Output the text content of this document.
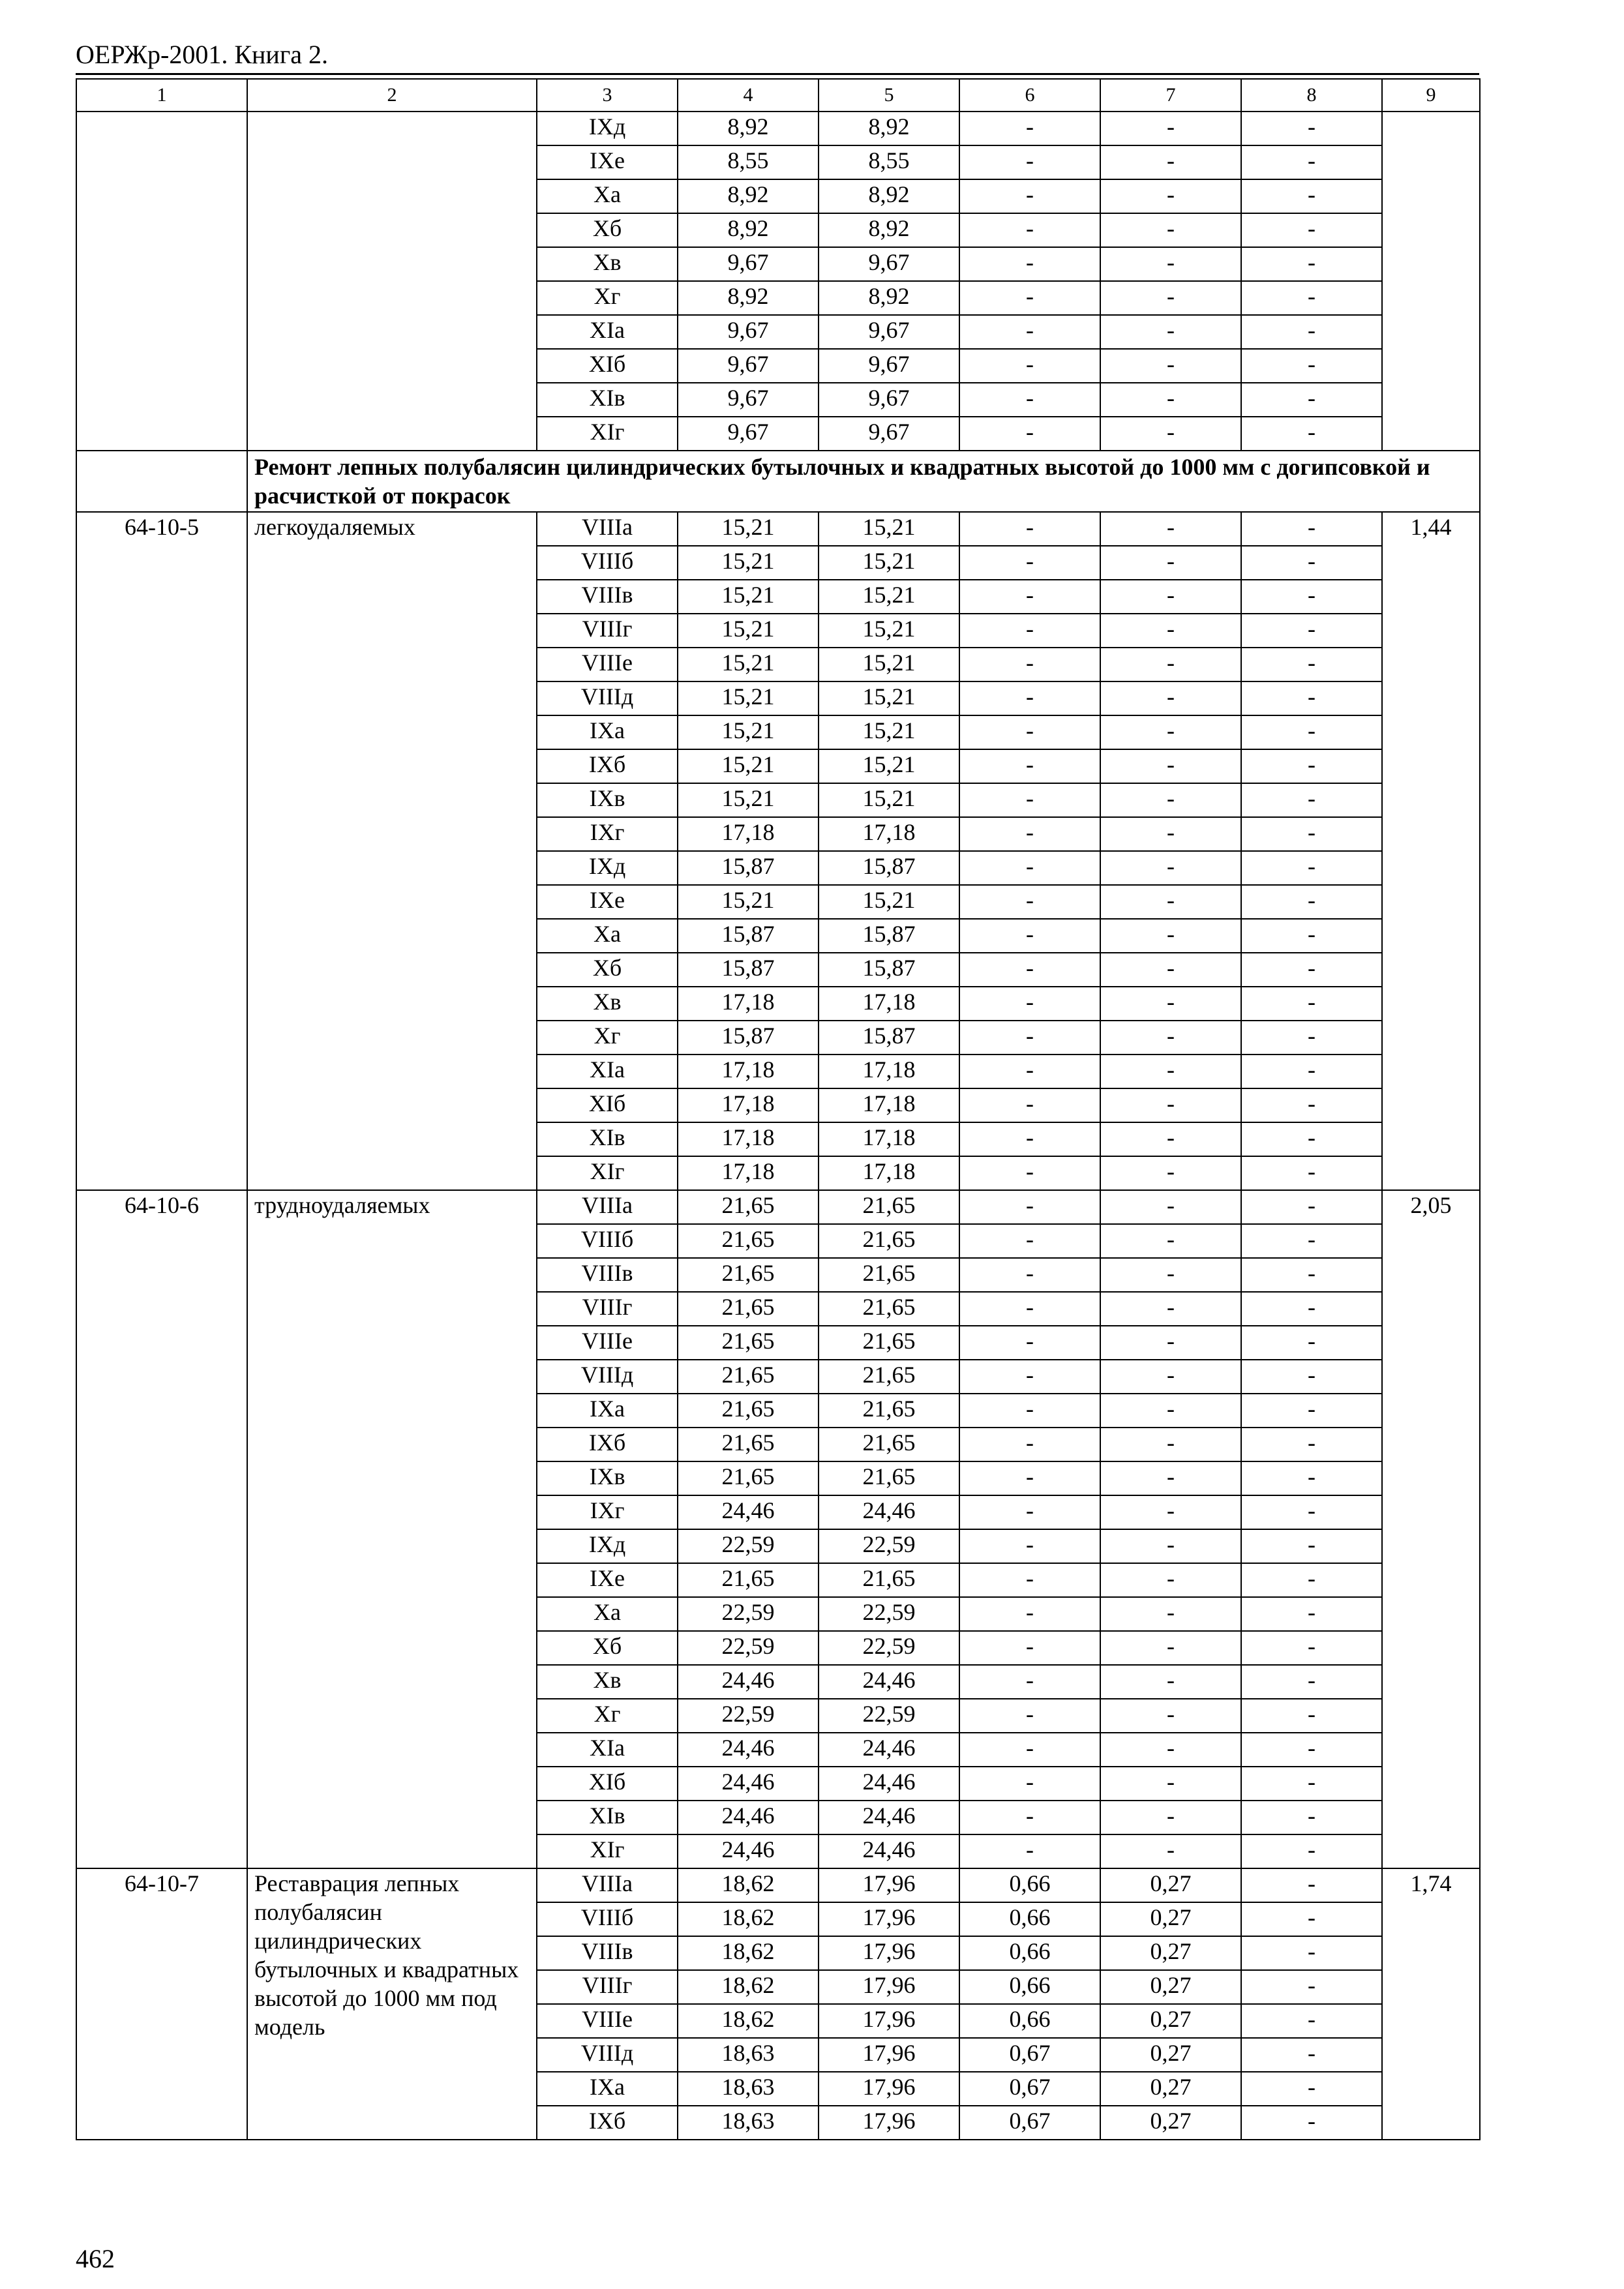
ОЕРЖр-2001. Книга 2.
1	2	3	4	5	6	7	8	9
		IXд	8,92	8,92	-	-	-	
		IXе	8,55	8,55	-	-	-	
		Xa	8,92	8,92	-	-	-	
		Xб	8,92	8,92	-	-	-	
		Xв	9,67	9,67	-	-	-	
		Xг	8,92	8,92	-	-	-	
		XIa	9,67	9,67	-	-	-	
		XIб	9,67	9,67	-	-	-	
		XIв	9,67	9,67	-	-	-	
		XIг	9,67	9,67	-	-	-	
	Ремонт лепных полубалясин цилиндрических бутылочных и квадратных высотой до 1000 мм с догипсовкой и расчисткой от покрасок							
64-10-5	легкоудаляемых	VIIIa	15,21	15,21	-	-	-	1,44
		VIIIб	15,21	15,21	-	-	-	
		VIIIв	15,21	15,21	-	-	-	
		VIIIг	15,21	15,21	-	-	-	
		VIIIе	15,21	15,21	-	-	-	
		VIIIд	15,21	15,21	-	-	-	
		IXa	15,21	15,21	-	-	-	
		IXб	15,21	15,21	-	-	-	
		IXв	15,21	15,21	-	-	-	
		IXг	17,18	17,18	-	-	-	
		IXд	15,87	15,87	-	-	-	
		IXе	15,21	15,21	-	-	-	
		Xa	15,87	15,87	-	-	-	
		Xб	15,87	15,87	-	-	-	
		Xв	17,18	17,18	-	-	-	
		Xг	15,87	15,87	-	-	-	
		XIa	17,18	17,18	-	-	-	
		XIб	17,18	17,18	-	-	-	
		XIв	17,18	17,18	-	-	-	
		XIг	17,18	17,18	-	-	-	
64-10-6	трудноудаляемых	VIIIa	21,65	21,65	-	-	-	2,05
		VIIIб	21,65	21,65	-	-	-	
		VIIIв	21,65	21,65	-	-	-	
		VIIIг	21,65	21,65	-	-	-	
		VIIIе	21,65	21,65	-	-	-	
		VIIIд	21,65	21,65	-	-	-	
		IXa	21,65	21,65	-	-	-	
		IXб	21,65	21,65	-	-	-	
		IXв	21,65	21,65	-	-	-	
		IXг	24,46	24,46	-	-	-	
		IXд	22,59	22,59	-	-	-	
		IXе	21,65	21,65	-	-	-	
		Xa	22,59	22,59	-	-	-	
		Xб	22,59	22,59	-	-	-	
		Xв	24,46	24,46	-	-	-	
		Xг	22,59	22,59	-	-	-	
		XIa	24,46	24,46	-	-	-	
		XIб	24,46	24,46	-	-	-	
		XIв	24,46	24,46	-	-	-	
		XIг	24,46	24,46	-	-	-	
64-10-7	Реставрация лепных полубалясин цилиндрических бутылочных и квадратных высотой до 1000 мм под модель	VIIIa	18,62	17,96	0,66	0,27	-	1,74
		VIIIб	18,62	17,96	0,66	0,27	-	
		VIIIв	18,62	17,96	0,66	0,27	-	
		VIIIг	18,62	17,96	0,66	0,27	-	
		VIIIе	18,62	17,96	0,66	0,27	-	
		VIIIд	18,63	17,96	0,67	0,27	-	
		IXa	18,63	17,96	0,67	0,27	-	
		IXб	18,63	17,96	0,67	0,27	-	
462
